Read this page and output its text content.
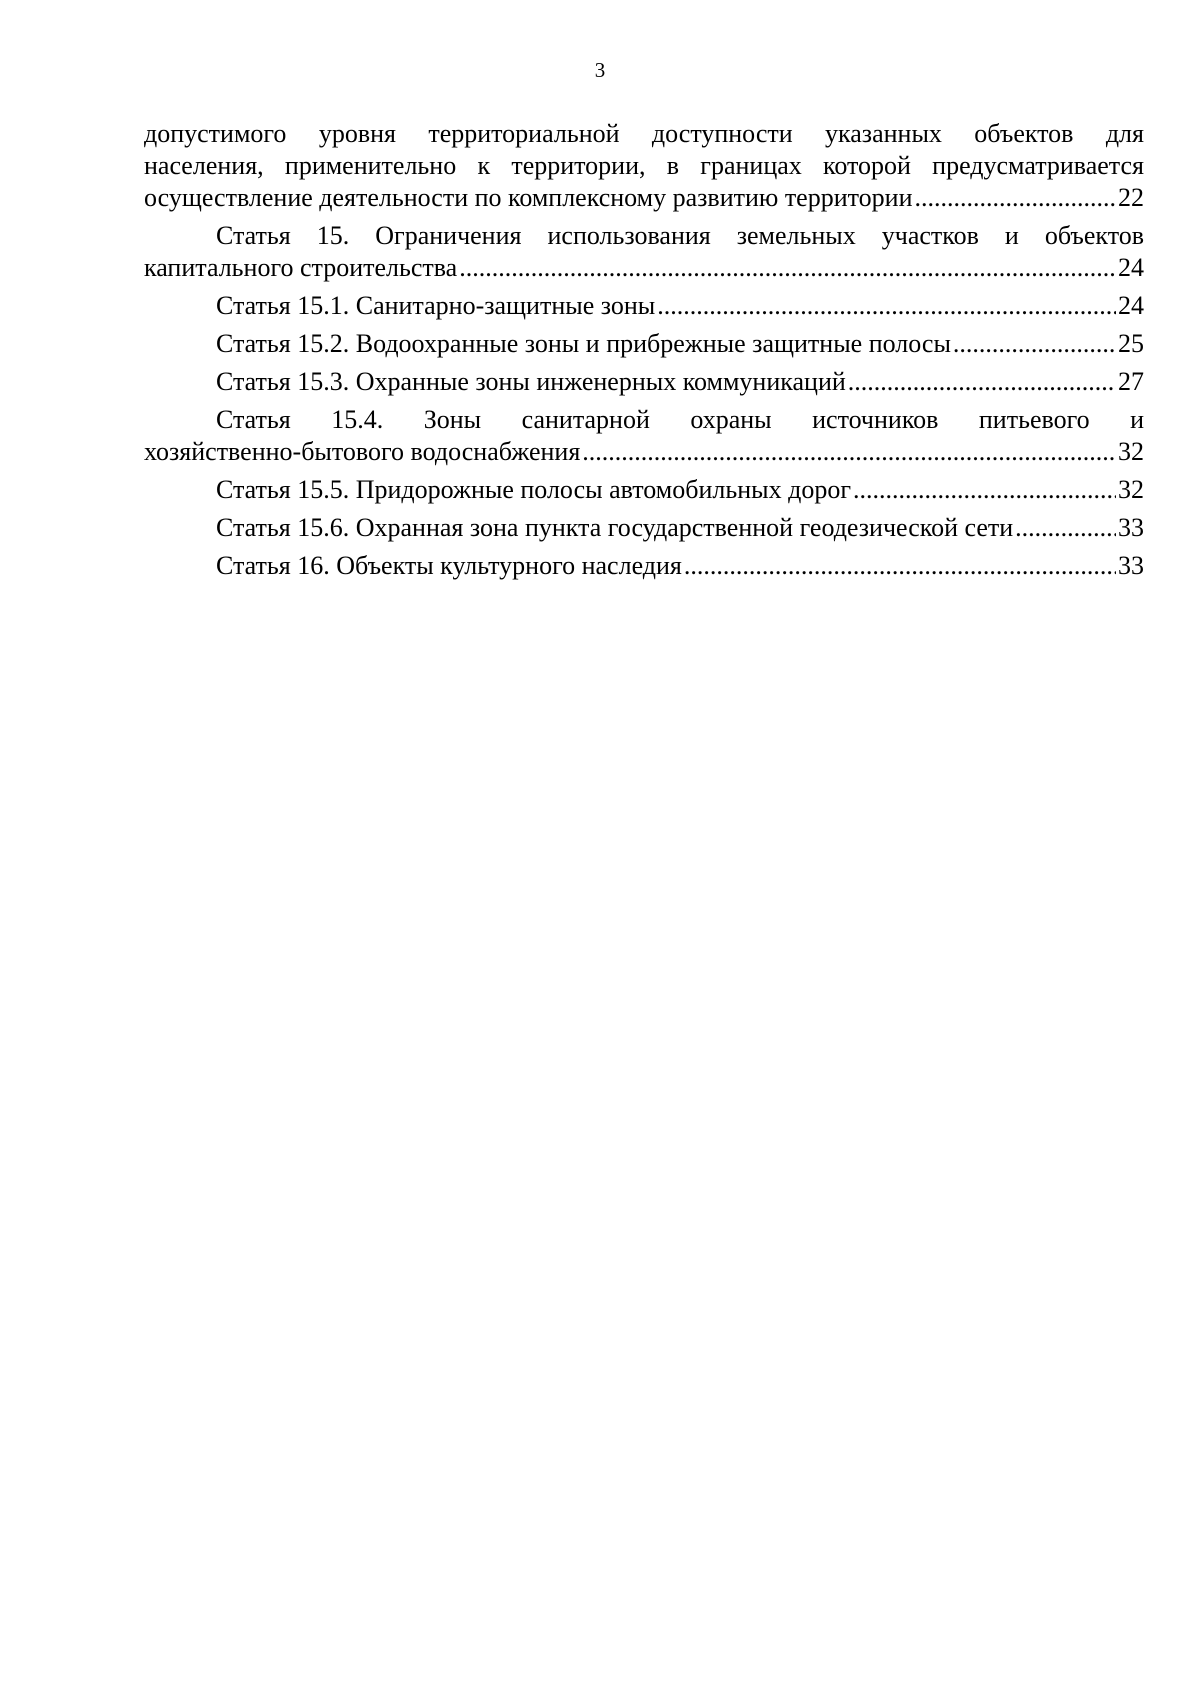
3
допустимого уровня территориальной доступности указанных объектов для
населения, применительно к территории, в границах которой предусматривается
осуществление деятельности по комплексному развитию территории .....	22
Статья 15. Ограничения использования земельных участков и объектов
капитального строительства .....	24
Статья 15.1. Санитарно-защитные зоны .....	24
Статья 15.2. Водоохранные зоны и прибрежные защитные полосы .....	25
Статья 15.3. Охранные зоны инженерных коммуникаций .....	27
Статья 15.4. Зоны санитарной охраны источников питьевого и
хозяйственно-бытового водоснабжения .....	32
Статья 15.5. Придорожные полосы автомобильных дорог .....	32
Статья 15.6. Охранная зона пункта государственной геодезической сети .....	33
Статья 16. Объекты культурного наследия .....	33
